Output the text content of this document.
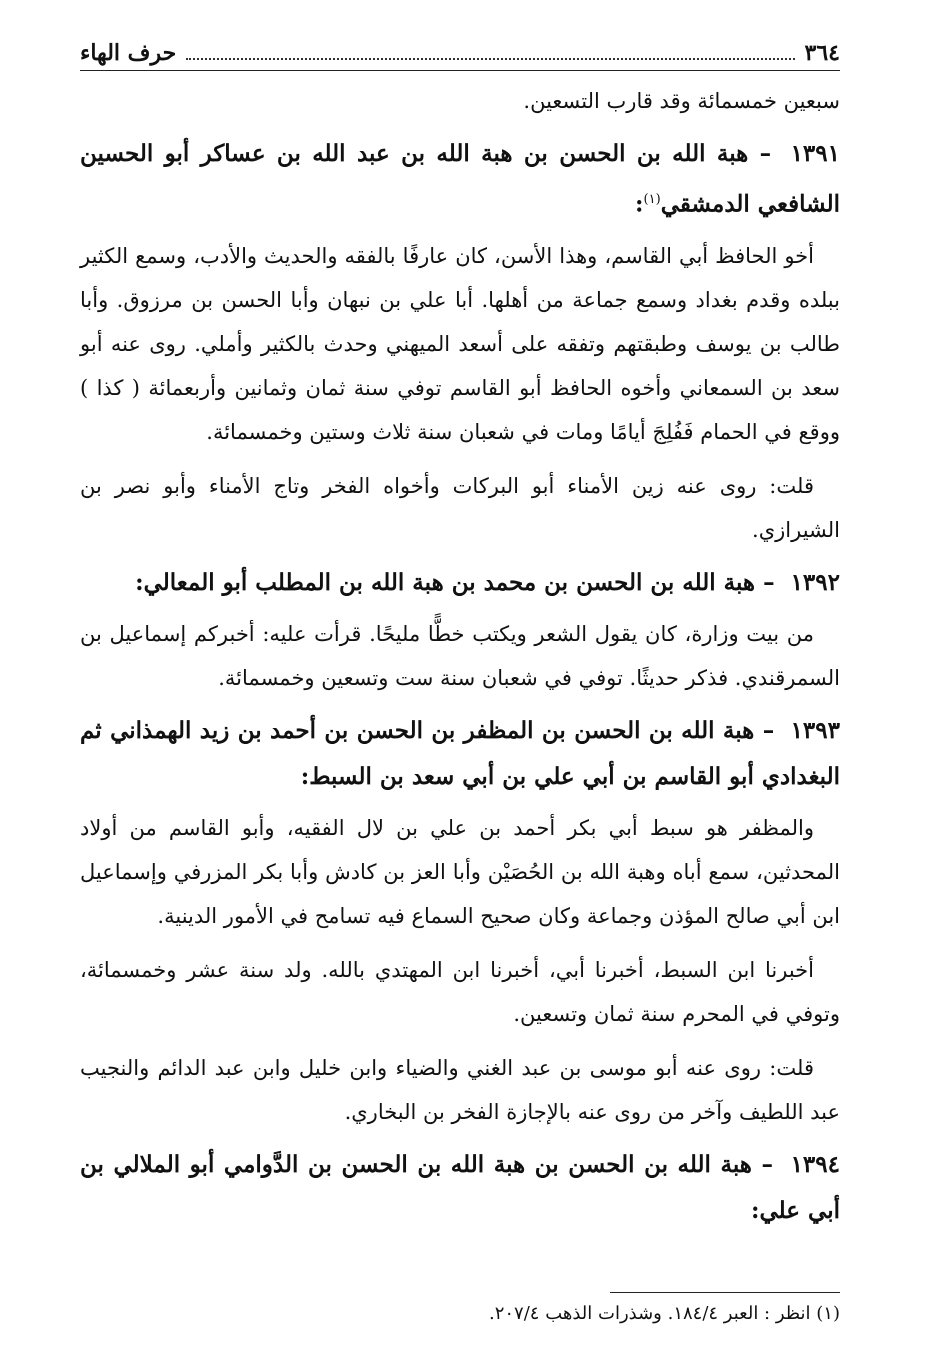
٣٦٤
حرف الهاء

سبعين خمسمائة وقد قارب التسعين.

١٣٩١ – هبة الله بن الحسن بن هبة الله بن عبد الله بن عساكر أبو الحسين الشافعي الدمشقي$^{(١)}$:

أخو الحافظ أبي القاسم، وهذا الأسن، كان عارفًا بالفقه والحديث والأدب، وسمع الكثير ببلده وقدم بغداد وسمع جماعة من أهلها. أبا علي بن نبهان وأبا الحسن بن مرزوق. وأبا طالب بن يوسف وطبقتهم وتفقه على أسعد الميهني وحدث بالكثير وأملي. روى عنه أبو سعد بن السمعاني وأخوه الحافظ أبو القاسم توفي سنة ثمان وثمانين وأربعمائة ( كذا ) ووقع في الحمام فَفُلِجَ أيامًا ومات في شعبان سنة ثلاث وستين وخمسمائة.

قلت: روى عنه زين الأمناء أبو البركات وأخواه الفخر وتاج الأمناء وأبو نصر بن الشيرازي.

١٣٩٢ – هبة الله بن الحسن بن محمد بن هبة الله بن المطلب أبو المعالي:

من بيت وزارة، كان يقول الشعر ويكتب خطًّا مليحًا. قرأت عليه: أخبركم إسماعيل بن السمرقندي. فذكر حديثًا. توفي في شعبان سنة ست وتسعين وخمسمائة.

١٣٩٣ – هبة الله بن الحسن بن المظفر بن الحسن بن أحمد بن زيد الهمذاني ثم البغدادي أبو القاسم بن أبي علي بن أبي سعد بن السبط:

والمظفر هو سبط أبي بكر أحمد بن علي بن لال الفقيه، وأبو القاسم من أولاد المحدثين، سمع أباه وهبة الله بن الحُصَيْن وأبا العز بن كادش وأبا بكر المزرفي وإسماعيل ابن أبي صالح المؤذن وجماعة وكان صحيح السماع فيه تسامح في الأمور الدينية.

أخبرنا ابن السبط، أخبرنا أبي، أخبرنا ابن المهتدي بالله. ولد سنة عشر وخمسمائة، وتوفي في المحرم سنة ثمان وتسعين.

قلت: روى عنه أبو موسى بن عبد الغني والضياء وابن خليل وابن عبد الدائم والنجيب عبد اللطيف وآخر من روى عنه بالإجازة الفخر بن البخاري.

١٣٩٤ – هبة الله بن الحسن بن هبة الله بن الحسن بن الدَّوامي أبو الملالي بن أبي علي:
(١) انظر : العبر ١٨٤/٤. وشذرات الذهب ٢٠٧/٤.
